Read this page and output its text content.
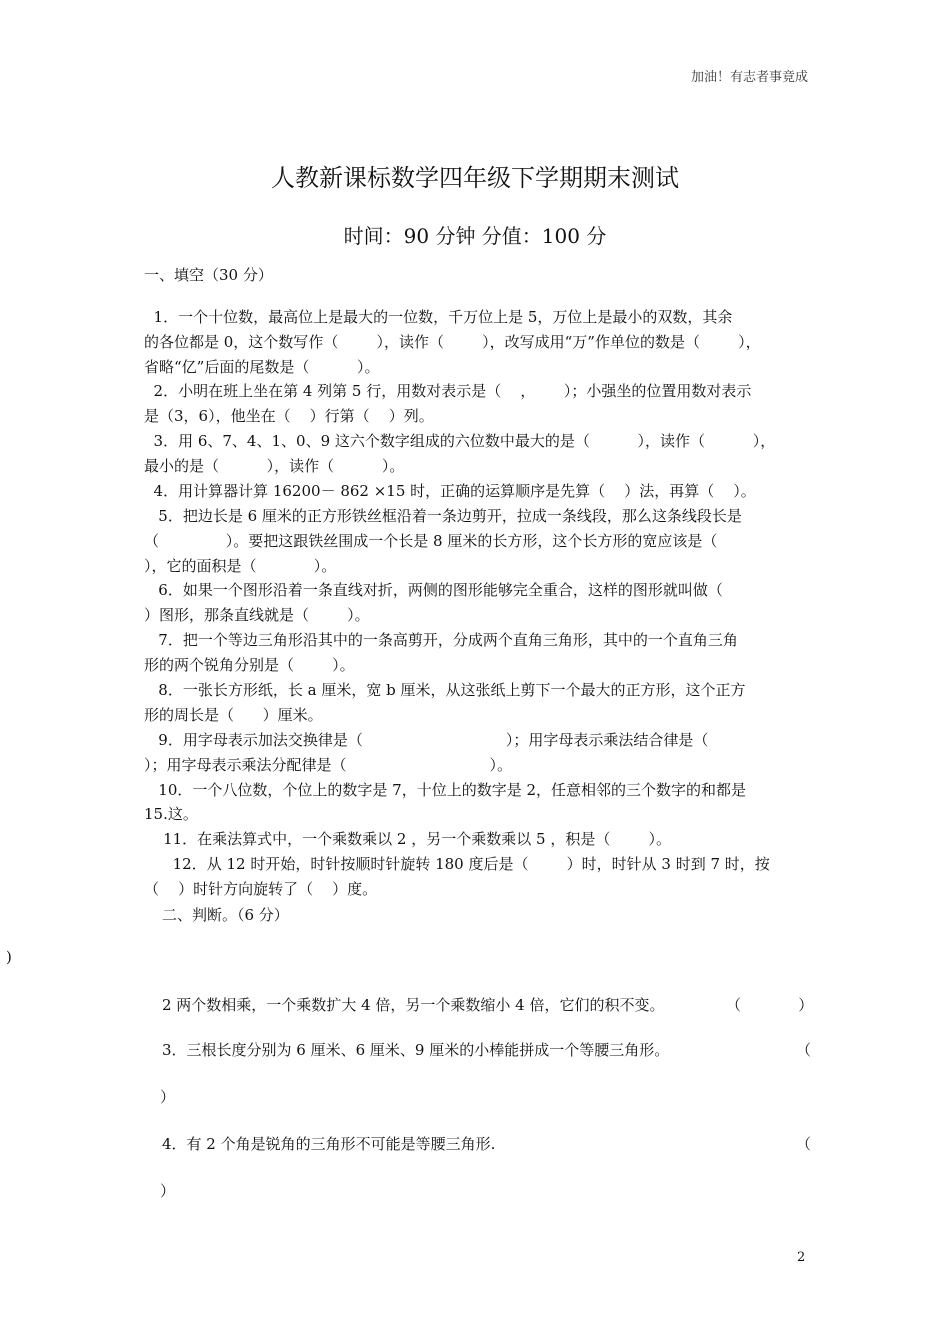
加油！有志者事竟成
人教新课标数学四年级下学期期末测试
时间：90 分钟 分值：100 分
一、填空（30 分）
1．一个十位数，最高位上是最大的一位数，千万位上是 5，万位上是最小的双数，其余
的各位都是 0，这个数写作（        ），读作（        ），改写成用“万”作单位的数是（        ），
省略“亿”后面的尾数是（          ）。
2．小明在班上坐在第 4 列第 5 行，用数对表示是（    ，      ）；小强坐的位置用数对表示
是（3，6），他坐在（    ）行第（    ）列。
3．用 6、7、4、1、0、9 这六个数字组成的六位数中最大的是（          ），读作（          ），
最小的是（          ），读作（          ）。
4．用计算器计算 16200－ 862 ×15 时，正确的运算顺序是先算（    ）法，再算（    ）。
5．把边长是 6 厘米的正方形铁丝框沿着一条边剪开，拉成一条线段，那么这条线段长是
（              ）。要把这跟铁丝围成一个长是 8 厘米的长方形，这个长方形的宽应该是（
），它的面积是（            ）。
6．如果一个图形沿着一条直线对折，两侧的图形能够完全重合，这样的图形就叫做（
）图形，那条直线就是（        ）。
7．把一个等边三角形沿其中的一条高剪开，分成两个直角三角形，其中的一个直角三角
形的两个锐角分别是（        ）。
8．一张长方形纸，长 a 厘米，宽 b 厘米，从这张纸上剪下一个最大的正方形，这个正方
形的周长是（      ）厘米。
9．用字母表示加法交换律是（                              ）；用字母表示乘法结合律是（
）；用字母表示乘法分配律是（                              ）。
10．一个八位数，个位上的数字是 7，十位上的数字是 2，任意相邻的三个数字的和都是
15.这。
11．在乘法算式中，一个乘数乘以 2 ，另一个乘数乘以 5 ，积是（        ）。
12．从 12 时开始，时针按顺时针旋转 180 度后是（        ）时，时针从 3 时到 7 时，按
（    ）时针方向旋转了（    ）度。
二、判断。（6 分）
)
2 两个数相乘，一个乘数扩大 4 倍，另一个乘数缩小 4 倍，它们的积不变。	（            ）
3．三根长度分别为 6 厘米、6 厘米、9 厘米的小棒能拼成一个等腰三角形。	（
）
4．有 2 个角是锐角的三角形不可能是等腰三角形.	（
）
2
